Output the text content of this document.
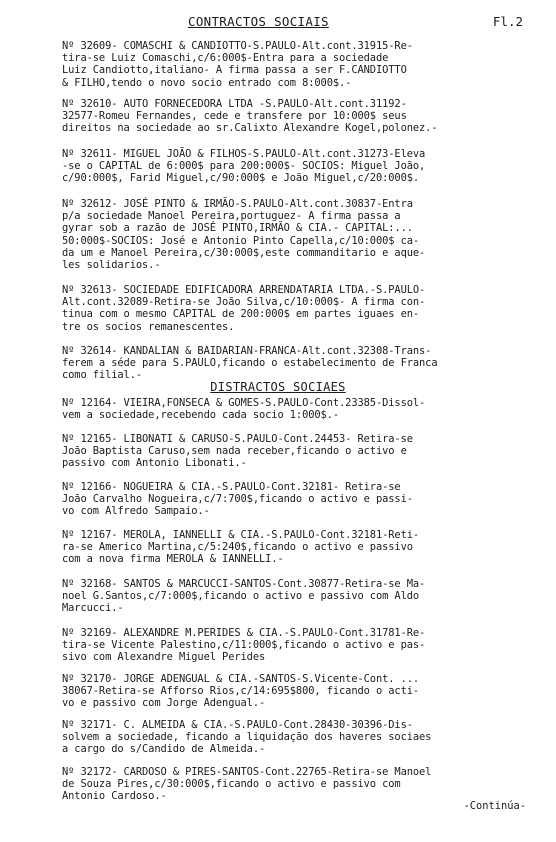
CONTRACTOS SOCIAIS	Fl.2
Nº 32609- COMASCHI & CANDIOTTO-S.PAULO-Alt.cont.31915-Re-
tira-se Luiz Comaschi,c/6:000$-Entra para a sociedade
Luiz Candiotto,italiano- A firma passa a ser F.CANDIOTTO
& FILHO,tendo o novo socio entrado com 8:000$.-
Nº 32610- AUTO FORNECEDORA LTDA -S.PAULO-Alt.cont.31192-
32577-Romeu Fernandes, cede e transfere por 10:000$ seus
direitos na sociedade ao sr.Calixto Alexandre Kogel,polonez.-
Nº 32611- MIGUEL JOÃO & FILHOS-S.PAULO-Alt.cont.31273-Eleva
-se o CAPITAL de 6:000$ para 200:000$- SOCIOS: Miguel João,
c/90:000$, Farid Miguel,c/90:000$ e João Miguel,c/20:000$.
Nº 32612- JOSÉ PINTO & IRMÃO-S.PAULO-Alt.cont.30837-Entra
p/a sociedade Manoel Pereira,portuguez- A firma passa a
gyrar sob a razão de JOSÉ PINTO,IRMÃO & CIA.- CAPITAL:...
50:000$-SOCIOS: José e Antonio Pinto Capella,c/10:000$ ca-
da um e Manoel Pereira,c/30:000$,este commanditario e aque-
les solidarios.-
Nº 32613- SOCIEDADE EDIFICADORA ARRENDATARIA LTDA.-S.PAULO-
Alt.cont.32089-Retira-se João Silva,c/10:000$- A firma con-
tinua com o mesmo CAPITAL de 200:000$ em partes iguaes en-
tre os socios remanescentes.
Nº 32614- KANDALIAN & BAIDARIAN-FRANCA-Alt.cont.32308-Trans-
ferem a séde para S.PAULO,ficando o estabelecimento de Franca
como filial.-
DISTRACTOS SOCIAES
Nº 12164- VIEIRA,FONSECA & GOMES-S.PAULO-Cont.23385-Dissol-
vem a sociedade,recebendo cada socio 1:000$.-
Nº 12165- LIBONATI & CARUSO-S.PAULO-Cont.24453- Retira-se
João Baptista Caruso,sem nada receber,ficando o activo e
passivo com Antonio Libonati.-
Nº 12166- NOGUEIRA & CIA.-S.PAULO-Cont.32181- Retira-se
João Carvalho Nogueira,c/7:700$,ficando o activo e passi-
vo com Alfredo Sampaio.-
Nº 12167- MEROLA, IANNELLI & CIA.-S.PAULO-Cont.32181-Reti-
ra-se Americo Martina,c/5:240$,ficando o activo e passivo
com a nova firma MEROLA & IANNELLI.-
Nº 32168- SANTOS & MARCUCCI-SANTOS-Cont.30877-Retira-se Ma-
noel G.Santos,c/7:000$,ficando o activo e passivo com Aldo
Marcucci.-
Nº 32169- ALEXANDRE M.PERIDES & CIA.-S.PAULO-Cont.31781-Re-
tira-se Vicente Palestino,c/11:000$,ficando o activo e pas-
sivo com Alexandre Miguel Perides
Nº 32170- JORGE ADENGUAL & CIA.-SANTOS-S.Vicente-Cont. ...
38067-Retira-se Afforso Rios,c/14:695$800, ficando o acti-
vo e passivo com Jorge Adengual.-
Nº 32171- C. ALMEIDA & CIA.-S.PAULO-Cont.28430-30396-Dis-
solvem a sociedade, ficando a liquidação dos haveres sociaes
a cargo do s/Candido de Almeida.-
Nº 32172- CARDOSO & PIRES-SANTOS-Cont.22765-Retira-se Manoel
de Souza Pires,c/30:000$,ficando o activo e passivo com
Antonio Cardoso.-
-Continúa-
